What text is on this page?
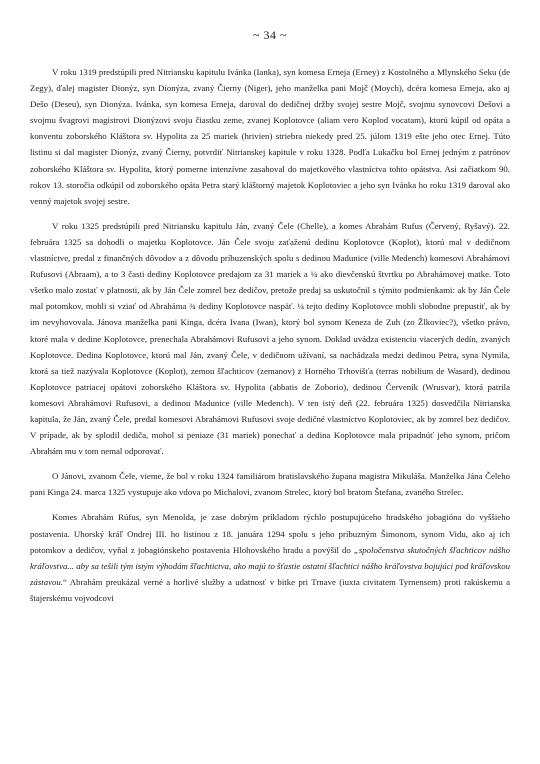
~ 34 ~

V roku 1319 predstúpili pred Nitriansku kapitulu Ivánka (Ianka), syn komesa Erneja (Erney) z Kostolného a Mlynského Seku (de Zegy), ďalej magister Dionýz, syn Dionýza, zvaný Čierny (Niger), jeho manželka pani Mojč (Moych), dcéra komesa Erneja, ako aj Dešo (Deseu), syn Dionýza. Ivánka, syn komesa Erneja, daroval do dedičnej držby svojej sestre Mojč, svojmu synovcovi Dešovi a svojmu švagrovi magistrovi Dionýzovi svoju čiastku zeme, zvanej Koplotovce (aliam vero Koplod vocatam), ktorú kúpil od opáta a konventu zoborského Kláštora sv. Hypolita za 25 mariek (hrivien) striebra niekedy pred 25. júlom 1319 ešte jeho otec Ernej. Túto listinu si dal magister Dionýz, zvaný Čierny, potvrdiť Nitrianskej kapitule v roku 1328. Podľa Lukačku bol Ernej jedným z patrónov zoborského Kláštora sv. Hypolita, ktorý pomerne intenzívne zasahoval do majetkového vlastníctva tohto opátstva. Asi začiatkom 90. rokov 13. storočia odkúpil od zoborského opáta Petra starý kláštorný majetok Koplotoviec a jeho syn Ivánka ho roku 1319 daroval ako venný majetok svojej sestre.

V roku 1325 predstúpili pred Nitriansku kapitulu Ján, zvaný Čele (Chelle), a komes Abrahám Rufus (Červený, Ryšavý). 22. februára 1325 sa dohodli o majetku Koplotovce. Ján Čele svoju zaťaženú dedinu Koplotovce (Koplot), ktorú mal v dedičnom vlastníctve, predal z finančných dôvodov a z dôvodu príbuzenských spolu s dedinou Madunice (ville Medench) komesovi Abrahámovi Rufusovi (Abraam), a to 3 časti dediny Koplotovce predajom za 31 mariek a ¼ ako dievčenskú štvrtku po Abrahámovej matke. Toto všetko malo zostať v platnosti, ak by Ján Čele zomrel bez dedičov, pretože predaj sa uskutočnil s týmito podmienkami: ak by Ján Čele mal potomkov, mohli si vziať od Abraháma ¾ dediny Koplotovce naspäť. ¼ tejto dediny Koplotovce mohli slobodne prepustiť, ak by im nevyhovovala. Jánova manželka pani Kinga, dcéra Ivana (Iwan), ktorý bol synom Keneza de Zuh (zo Žlkoviec?), všetko právo, ktoré mala v dedine Koplotovce, prenechala Abrahámovi Rufusovi a jeho synom. Doklad uvádza existenciu viacerých dedín, zvaných Koplotovce. Dedina Koplotovce, ktorú mal Ján, zvaný Čele, v dedičnom užívaní, sa nachádzala medzi dedinou Petra, syna Nymila, ktorá sa tiež nazývala Koplotovce (Koplot), zemou šľachticov (zemanov) z Horného Trhovišťa (terras nobilium de Wasard), dedinou Koplotovce patriacej opátovi zoborského Kláštora sv. Hypolita (abbatis de Zoborio), dedinou Červeník (Wrusvar), ktorá patrila komesovi Abrahámovi Rufusovi, a dedinou Madunice (ville Medench). V ten istý deň (22. februára 1325) dosvedčila Nitrianska kapitula, že Ján, zvaný Čele, predal komesovi Abrahámovi Rufusovi svoje dedičné vlastníctvo Koplotoviec, ak by zomrel bez dedičov. V prípade, ak by splodil dediča, mohol si peniaze (31 mariek) ponechať a dedina Koplotovce mala pripadnúť jeho synom, pričom Abrahám mu v tom nemal odporovať.

O Jánovi, zvanom Čele, vieme, že bol v roku 1324 familiárom bratislavského župana magistra Mikuláša. Manželka Jána Čeleho pani Kinga 24. marca 1325 vystupuje ako vdova po Michalovi, zvanom Strelec, ktorý bol bratom Štefana, zvaného Strelec.

Komes Abrahám Rúfus, syn Menolda, je zase dobrým príkladom rýchlo postupujúceho hradského jobagióna do vyššieho postavenia. Uhorský kráľ Ondrej III. ho listinou z 18. januára 1294 spolu s jeho príbuzným Šimonom, synom Vidu, ako aj ich potomkov a dedičov, vyňal z jobagiónskeho postavenia Hlohovského hradu a povýšil do „spoločenstva skutočných šľachticov nášho kráľovstva... aby sa tešili tým istým výhodám šľachtictva, ako majú to šťastie ostatní šľachtici nášho kráľovstva bojujúci pod kráľovskou zástavou.“ Abrahám preukázal verné a horlivé služby a udatnosť v bitke pri Trnave (iuxta civitatem Tyrnensem) proti rakúskemu a štajerskému vojvodcovi
